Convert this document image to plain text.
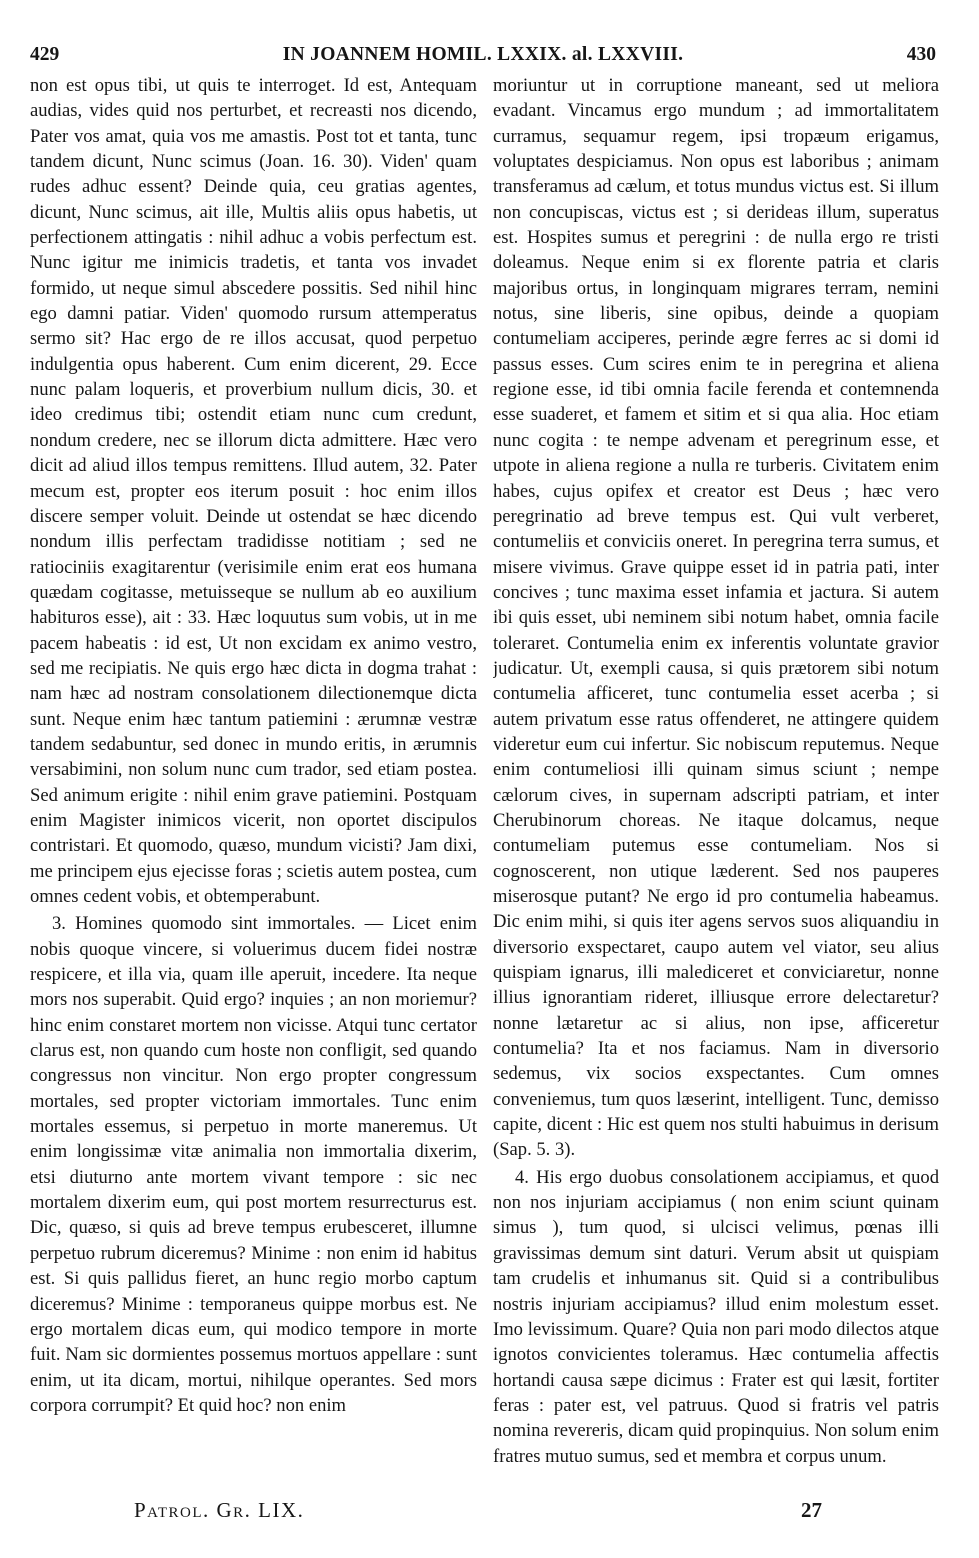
429	IN JOANNEM HOMIL. LXXIX. al. LXXVIII.	430

non est opus tibi, ut quis te interroget. Id est, Antequam audias, vides quid nos perturbet, et recreasti nos dicendo, Pater vos amat, quia vos me amastis. Post tot et tanta, tunc tandem dicunt, Nunc scimus (Joan. 16. 30). Viden' quam rudes adhuc essent? Deinde quia, ceu gratias agentes, dicunt, Nunc scimus, ait ille, Multis aliis opus habetis, ut perfectionem attingatis : nihil adhuc a vobis perfectum est. Nunc igitur me inimicis tradetis, et tanta vos invadet formido, ut neque simul abscedere possitis. Sed nihil hinc ego damni patiar. Viden' quomodo rursum attemperatus sermo sit? Hac ergo de re illos accusat, quod perpetuo indulgentia opus haberent. Cum enim dicerent, 29. Ecce nunc palam loqueris, et proverbium nullum dicis, 30. et ideo credimus tibi; ostendit etiam nunc cum credunt, nondum credere, nec se illorum dicta admittere. Hæc vero dicit ad aliud illos tempus remittens. Illud autem, 32. Pater mecum est, propter eos iterum posuit : hoc enim illos discere semper voluit. Deinde ut ostendat se hæc dicendo nondum illis perfectam tradidisse notitiam ; sed ne ratiociniis exagitarentur (verisimile enim erat eos humana quædam cogitasse, metuisseque se nullum ab eo auxilium habituros esse), ait : 33. Hæc loquutus sum vobis, ut in me pacem habeatis : id est, Ut non excidam ex animo vestro, sed me recipiatis. Ne quis ergo hæc dicta in dogma trahat : nam hæc ad nostram consolationem dilectionemque dicta sunt. Neque enim hæc tantum patiemini : ærumnæ vestræ tandem sedabuntur, sed donec in mundo eritis, in ærumnis versabimini, non solum nunc cum trador, sed etiam postea. Sed animum erigite : nihil enim grave patiemini. Postquam enim Magister inimicos vicerit, non oportet discipulos contristari. Et quomodo, quæso, mundum vicisti? Jam dixi, me principem ejus ejecisse foras ; scietis autem postea, cum omnes cedent vobis, et obtemperabunt.

3. Homines quomodo sint immortales. — Licet enim nobis quoque vincere, si voluerimus ducem fidei nostræ respicere, et illa via, quam ille aperuit, incedere. Ita neque mors nos superabit. Quid ergo? inquies ; an non moriemur? hinc enim constaret mortem non vicisse. Atqui tunc certator clarus est, non quando cum hoste non confligit, sed quando congressus non vincitur. Non ergo propter congressum mortales, sed propter victoriam immortales. Tunc enim mortales essemus, si perpetuo in morte maneremus. Ut enim longissimæ vitæ animalia non immortalia dixerim, etsi diuturno ante mortem vivant tempore : sic nec mortalem dixerim eum, qui post mortem resurrecturus est. Dic, quæso, si quis ad breve tempus erubesceret, illumne perpetuo rubrum diceremus? Minime : non enim id habitus est. Si quis pallidus fieret, an hunc regio morbo captum diceremus? Minime : temporaneus quippe morbus est. Ne ergo mortalem dicas eum, qui modico tempore in morte fuit. Nam sic dormientes possemus mortuos appellare : sunt enim, ut ita dicam, mortui, nihilque operantes. Sed mors corpora corrumpit? Et quid hoc? non enim

moriuntur ut in corruptione maneant, sed ut meliora evadant. Vincamus ergo mundum ; ad immortalitatem curramus, sequamur regem, ipsi tropæum erigamus, voluptates despiciamus. Non opus est laboribus ; animam transferamus ad cælum, et totus mundus victus est. Si illum non concupiscas, victus est ; si derideas illum, superatus est. Hospites sumus et peregrini : de nulla ergo re tristi doleamus. Neque enim si ex florente patria et claris majoribus ortus, in longinquam migrares terram, nemini notus, sine liberis, sine opibus, deinde a quopiam contumeliam acciperes, perinde ægre ferres ac si domi id passus esses. Cum scires enim te in peregrina et aliena regione esse, id tibi omnia facile ferenda et contemnenda esse suaderet, et famem et sitim et si qua alia. Hoc etiam nunc cogita : te nempe advenam et peregrinum esse, et utpote in aliena regione a nulla re turberis. Civitatem enim habes, cujus opifex et creator est Deus ; hæc vero peregrinatio ad breve tempus est. Qui vult verberet, contumeliis et conviciis oneret. In peregrina terra sumus, et misere vivimus. Grave quippe esset id in patria pati, inter concives ; tunc maxima esset infamia et jactura. Si autem ibi quis esset, ubi neminem sibi notum habet, omnia facile toleraret. Contumelia enim ex inferentis voluntate gravior judicatur. Ut, exempli causa, si quis prætorem sibi notum contumelia afficeret, tunc contumelia esset acerba ; si autem privatum esse ratus offenderet, ne attingere quidem videretur eum cui infertur. Sic nobiscum reputemus. Neque enim contumeliosi illi quinam simus sciunt ; nempe cælorum cives, in supernam adscripti patriam, et inter Cherubinorum choreas. Ne itaque dolcamus, neque contumeliam putemus esse contumeliam. Nos si cognoscerent, non utique læderent. Sed nos pauperes miserosque putant? Ne ergo id pro contumelia habeamus. Dic enim mihi, si quis iter agens servos suos aliquandiu in diversorio exspectaret, caupo autem vel viator, seu alius quispiam ignarus, illi malediceret et conviciaretur, nonne illius ignorantiam rideret, illiusque errore delectaretur? nonne lætaretur ac si alius, non ipse, afficeretur contumelia? Ita et nos faciamus. Nam in diversorio sedemus, vix socios exspectantes. Cum omnes conveniemus, tum quos læserint, intelligent. Tunc, demisso capite, dicent : Hic est quem nos stulti habuimus in derisum (Sap. 5. 3).

4. His ergo duobus consolationem accipiamus, et quod non nos injuriam accipiamus ( non enim sciunt quinam simus ), tum quod, si ulcisci velimus, pœnas illi gravissimas demum sint daturi. Verum absit ut quispiam tam crudelis et inhumanus sit. Quid si a contribulibus nostris injuriam accipiamus? illud enim molestum esset. Imo levissimum. Quare? Quia non pari modo dilectos atque ignotos convicientes toleramus. Hæc contumelia affectis hortandi causa sæpe dicimus : Frater est qui læsit, fortiter feras : pater est, vel patruus. Quod si fratris vel patris nomina revereris, dicam quid propinquius. Non solum enim fratres mutuo sumus, sed et membra et corpus unum.

Patrol. Gr. LIX.	27
